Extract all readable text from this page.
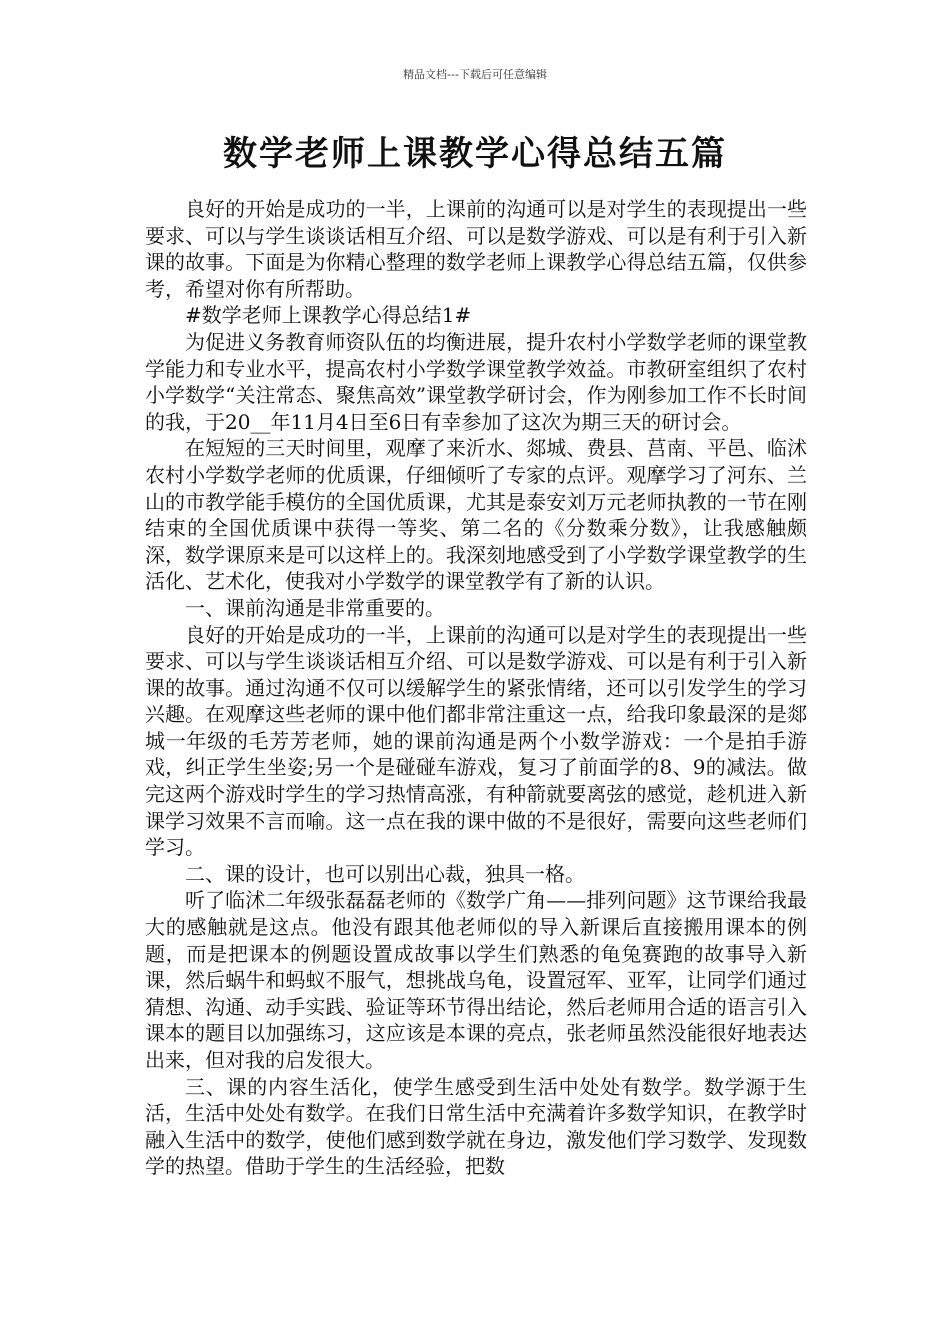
精品文档---下载后可任意编辑
数学老师上课教学心得总结五篇

良好的开始是成功的一半，上课前的沟通可以是对学生的表现提出一些要求、可以与学生谈谈话相互介绍、可以是数学游戏、可以是有利于引入新课的故事。下面是为你精心整理的数学老师上课教学心得总结五篇，仅供参考，希望对你有所帮助。

#数学老师上课教学心得总结1#

为促进义务教育师资队伍的均衡进展，提升农村小学数学老师的课堂教学能力和专业水平，提高农村小学数学课堂教学效益。市教研室组织了农村小学数学“关注常态、聚焦高效”课堂教学研讨会，作为刚参加工作不长时间的我，于20__年11月4日至6日有幸参加了这次为期三天的研讨会。

在短短的三天时间里，观摩了来沂水、郯城、费县、莒南、平邑、临沭农村小学数学老师的优质课，仔细倾听了专家的点评。观摩学习了河东、兰山的市教学能手模仿的全国优质课，尤其是泰安刘万元老师执教的一节在刚结束的全国优质课中获得一等奖、第二名的《分数乘分数》，让我感触颇深，数学课原来是可以这样上的。我深刻地感受到了小学数学课堂教学的生活化、艺术化，使我对小学数学的课堂教学有了新的认识。

一、课前沟通是非常重要的。

良好的开始是成功的一半，上课前的沟通可以是对学生的表现提出一些要求、可以与学生谈谈话相互介绍、可以是数学游戏、可以是有利于引入新课的故事。通过沟通不仅可以缓解学生的紧张情绪，还可以引发学生的学习兴趣。在观摩这些老师的课中他们都非常注重这一点，给我印象最深的是郯城一年级的毛芳芳老师，她的课前沟通是两个小数学游戏：一个是拍手游戏，纠正学生坐姿;另一个是碰碰车游戏，复习了前面学的8、9的减法。做完这两个游戏时学生的学习热情高涨，有种箭就要离弦的感觉，趁机进入新课学习效果不言而喻。这一点在我的课中做的不是很好，需要向这些老师们学习。

二、课的设计，也可以别出心裁，独具一格。

听了临沭二年级张磊磊老师的《数学广角——排列问题》这节课给我最大的感触就是这点。他没有跟其他老师似的导入新课后直接搬用课本的例题，而是把课本的例题设置成故事以学生们熟悉的龟兔赛跑的故事导入新课，然后蜗牛和蚂蚁不服气，想挑战乌龟，设置冠军、亚军，让同学们通过猜想、沟通、动手实践、验证等环节得出结论，然后老师用合适的语言引入课本的题目以加强练习，这应该是本课的亮点，张老师虽然没能很好地表达出来，但对我的启发很大。

三、课的内容生活化，使学生感受到生活中处处有数学。数学源于生活，生活中处处有数学。在我们日常生活中充满着许多数学知识，在教学时融入生活中的数学，使他们感到数学就在身边，激发他们学习数学、发现数学的热望。借助于学生的生活经验，把数
